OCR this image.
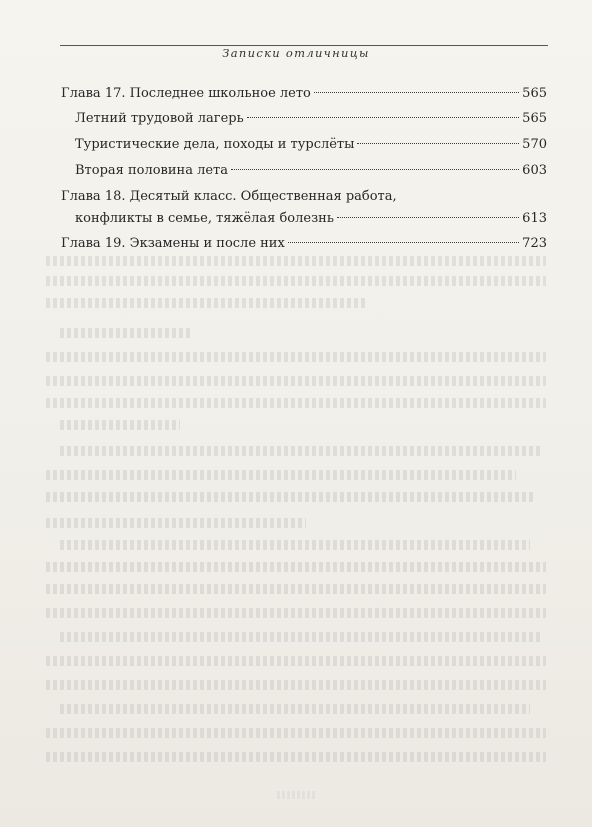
Записки отличницы
Глава 17. Последнее школьное лето	565
Летний трудовой лагерь	565
Туристические дела, походы и турслёты	570
Вторая половина лета	603
Глава 18. Десятый класс. Общественная работа,
конфликты в семье, тяжёлая болезнь	613
Глава 19. Экзамены и после них	723
